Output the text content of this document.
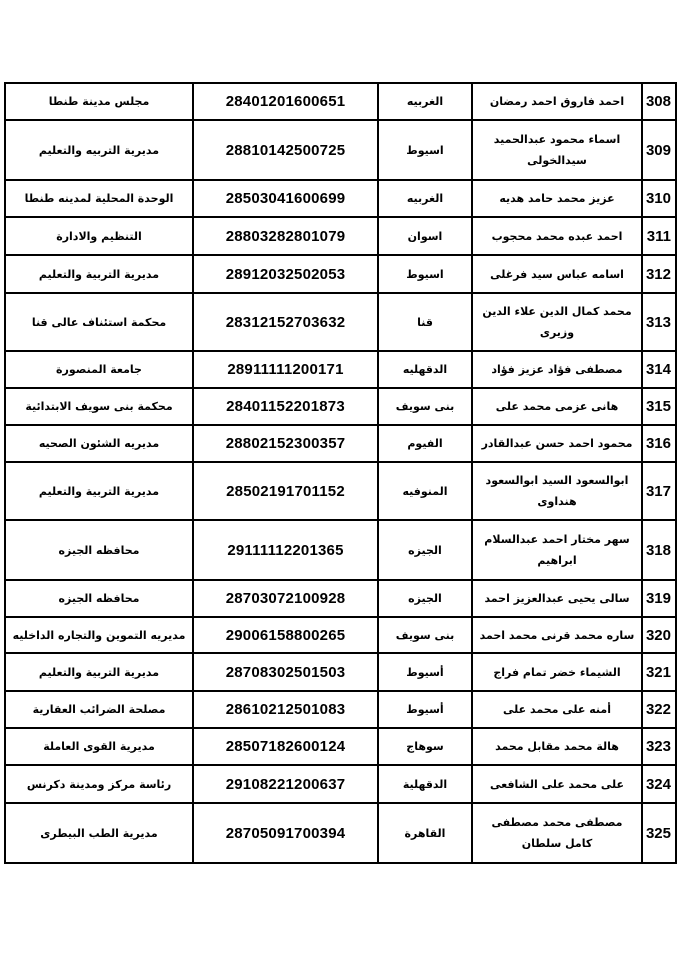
308	احمد فاروق احمد رمضان	الغربيه	28401201600651	مجلس مدينة طنطا
309	اسماء محمود عبدالحميد سيدالخولى	اسيوط	28810142500725	مديرية التربيه والتعليم
310	عزيز محمد حامد هديه	الغربيه	28503041600699	الوحدة المحلية لمدينه طنطا
311	احمد عبده محمد محجوب	اسوان	28803282801079	التنظيم والادارة
312	اسامه عباس سيد فرغلى	اسيوط	28912032502053	مديرية التربية والتعليم
313	محمد كمال الدين علاء الدين وزيرى	قنا	28312152703632	محكمة استئناف عالى قنا
314	مصطفى فؤاد عزيز فؤاد	الدقهليه	28911111200171	جامعة المنصورة
315	هانى عزمى محمد على	بنى سويف	28401152201873	محكمة بنى سويف الابتدائية
316	محمود احمد حسن عبدالقادر	الفيوم	28802152300357	مديريه الشئون الصحيه
317	ابوالسعود السيد ابوالسعود هنداوى	المنوفيه	28502191701152	مديرية التربية والتعليم
318	سهر مختار احمد عبدالسلام ابراهيم	الجيزه	29111112201365	محافظه الجيزه
319	سالى يحيى عبدالعزيز احمد	الجيزه	28703072100928	محافظه الجيزه
320	ساره محمد قرنى محمد احمد	بنى سويف	29006158800265	مديريه التموين والتجاره الداخليه
321	الشيماء خضر تمام فراج	أسيوط	28708302501503	مديرية التربية والتعليم
322	أمنه على محمد على	أسيوط	28610212501083	مصلحة الضرائب العقارية
323	هالة محمد مقابل محمد	سوهاج	28507182600124	مديرية القوى العاملة
324	على محمد على الشافعى	الدقهلية	29108221200637	رئاسة مركز ومدينة دكرنس
325	مصطفى محمد مصطفى كامل سلطان	القاهرة	28705091700394	مديرية الطب البيطرى
